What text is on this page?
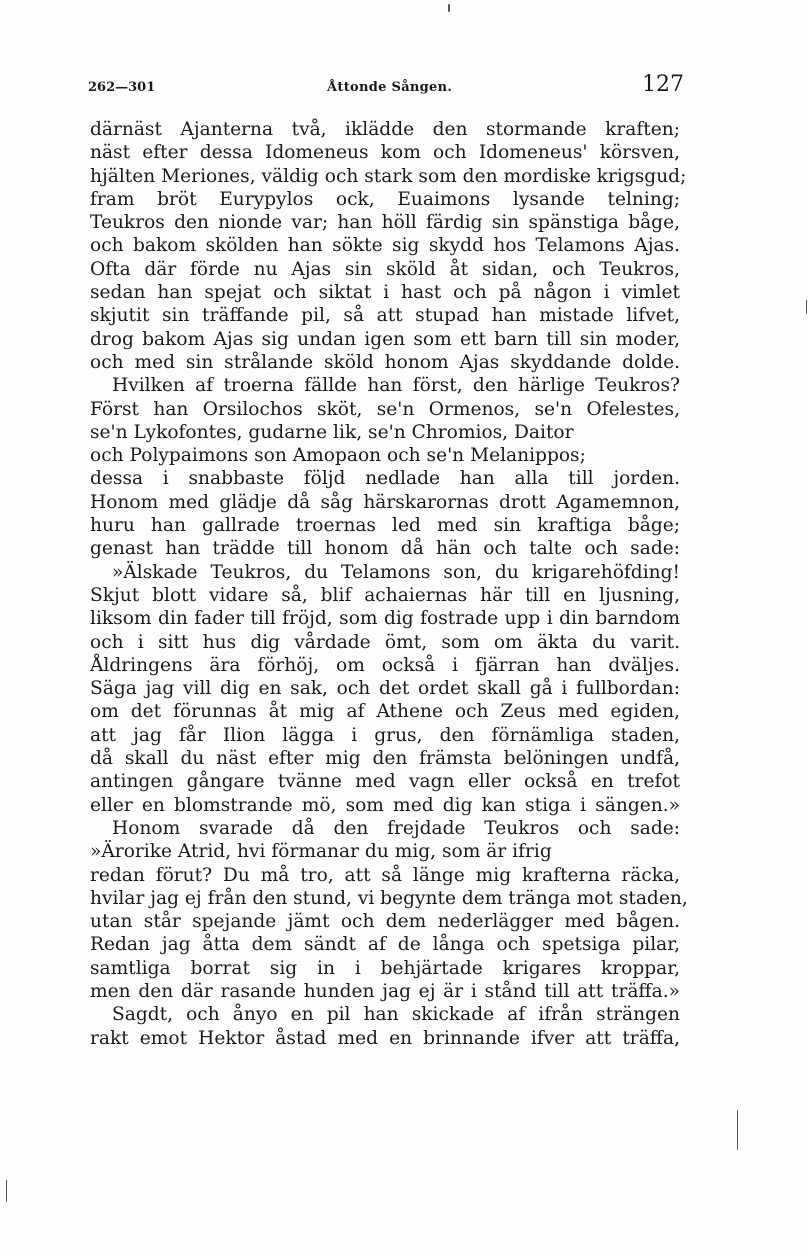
262—301	Åttonde Sången.	127
därnäst Ajanterna två, iklädde den stormande kraften;
näst efter dessa Idomeneus kom och Idomeneus' körsven,
hjälten Meriones, väldig och stark som den mordiske krigsgud;
fram bröt Eurypylos ock, Euaimons lysande telning;
Teukros den nionde var; han höll färdig sin spänstiga båge,
och bakom skölden han sökte sig skydd hos Telamons Ajas.
Ofta där förde nu Ajas sin sköld åt sidan, och Teukros,
sedan han spejat och siktat i hast och på någon i vimlet
skjutit sin träffande pil, så att stupad han mistade lifvet,
drog bakom Ajas sig undan igen som ett barn till sin moder,
och med sin strålande sköld honom Ajas skyddande dolde.
Hvilken af troerna fällde han först, den härlige Teukros?
Först han Orsilochos sköt, se'n Ormenos, se'n Ofelestes,
se'n Lykofontes, gudarne lik, se'n Chromios, Daitor
och Polypaimons son Amopaon och se'n Melanippos;
dessa i snabbaste följd nedlade han alla till jorden.
Honom med glädje då såg härskarornas drott Agamemnon,
huru han gallrade troernas led med sin kraftiga båge;
genast han trädde till honom då hän och talte och sade:
»Älskade Teukros, du Telamons son, du krigarehöfding!
Skjut blott vidare så, blif achaiernas här till en ljusning,
liksom din fader till fröjd, som dig fostrade upp i din barndom
och i sitt hus dig vårdade ömt, som om äkta du varit.
Åldringens ära förhöj, om också i fjärran han dväljes.
Säga jag vill dig en sak, och det ordet skall gå i fullbordan:
om det förunnas åt mig af Athene och Zeus med egiden,
att jag får Ilion lägga i grus, den förnämliga staden,
då skall du näst efter mig den främsta belöningen undfå,
antingen gångare tvänne med vagn eller också en trefot
eller en blomstrande mö, som med dig kan stiga i sängen.»
Honom svarade då den frejdade Teukros och sade:
»Ärorike Atrid, hvi förmanar du mig, som är ifrig
redan förut? Du må tro, att så länge mig krafterna räcka,
hvilar jag ej från den stund, vi begynte dem tränga mot staden,
utan står spejande jämt och dem nederlägger med bågen.
Redan jag åtta dem sändt af de långa och spetsiga pilar,
samtliga borrat sig in i behjärtade krigares kroppar,
men den där rasande hunden jag ej är i stånd till att träffa.»
Sagdt, och ånyo en pil han skickade af ifrån strängen
rakt emot Hektor åstad med en brinnande ifver att träffa,
